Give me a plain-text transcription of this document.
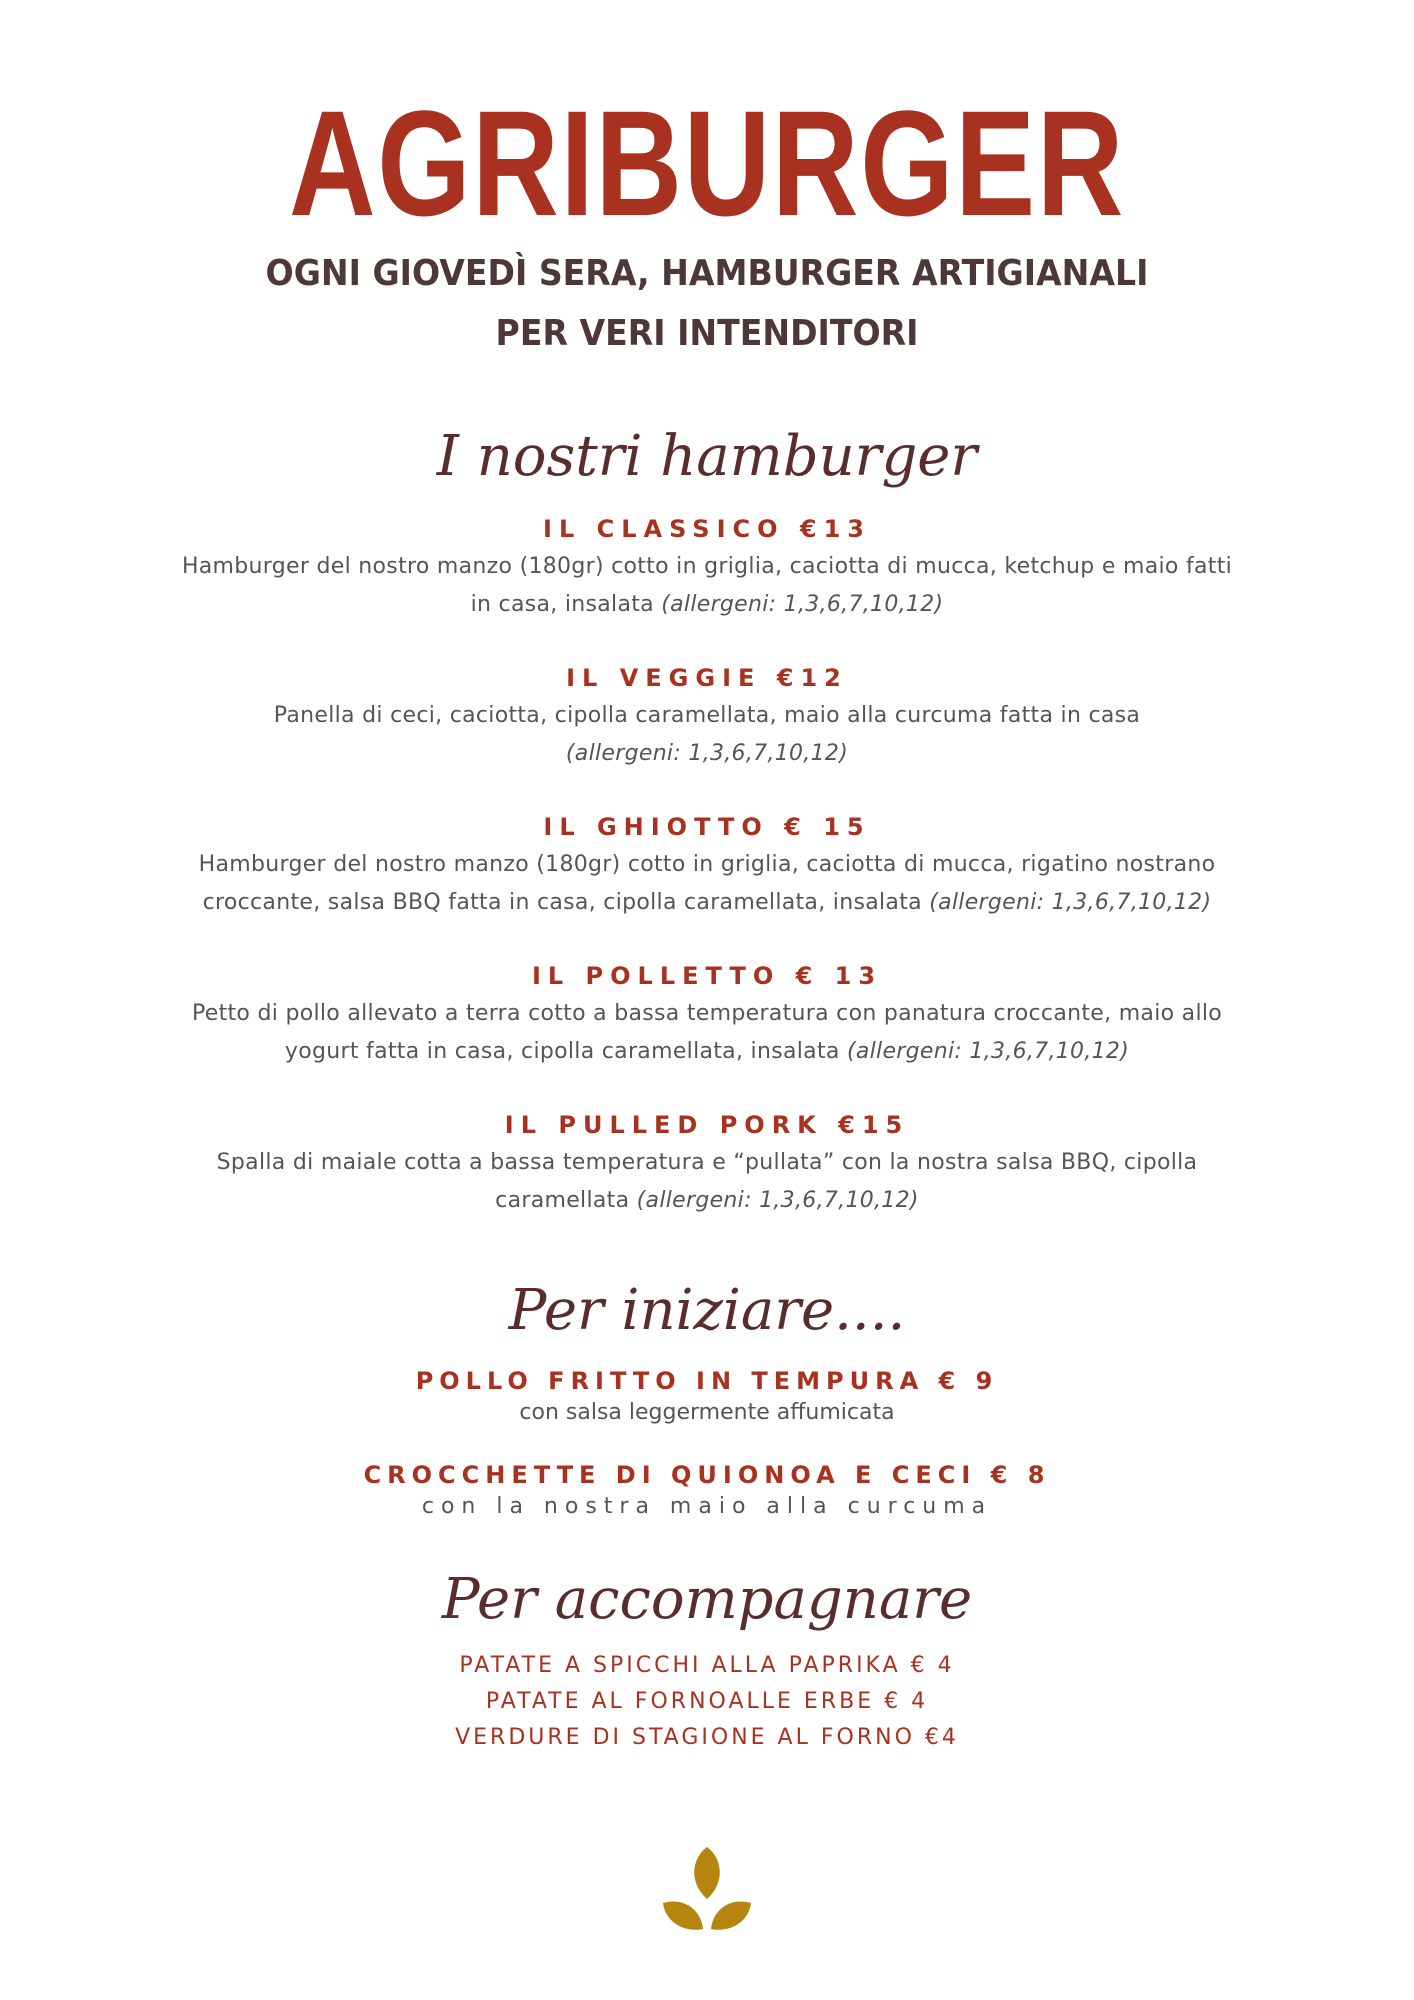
AGRIBURGER
OGNI GIOVEDÌ SERA, HAMBURGER ARTIGIANALI
PER VERI INTENDITORI
I nostri hamburger
IL CLASSICO €13
Hamburger del nostro manzo (180gr) cotto in griglia, caciotta di mucca, ketchup e maio fatti
in casa, insalata (allergeni: 1,3,6,7,10,12)
IL VEGGIE €12
Panella di ceci, caciotta, cipolla caramellata, maio alla curcuma fatta in casa
(allergeni: 1,3,6,7,10,12)
IL GHIOTTO € 15
Hamburger del nostro manzo (180gr) cotto in griglia, caciotta di mucca, rigatino nostrano
croccante, salsa BBQ fatta in casa, cipolla caramellata, insalata (allergeni: 1,3,6,7,10,12)
IL POLLETTO € 13
Petto di pollo allevato a terra cotto a bassa temperatura con panatura croccante, maio allo
yogurt fatta in casa, cipolla caramellata, insalata (allergeni: 1,3,6,7,10,12)
IL PULLED PORK €15
Spalla di maiale cotta a bassa temperatura e “pullata” con la nostra salsa BBQ, cipolla
caramellata (allergeni: 1,3,6,7,10,12)
Per iniziare....
POLLO FRITTO IN TEMPURA € 9
con salsa leggermente affumicata
CROCCHETTE DI QUIONOA E CECI € 8
con la nostra maio alla curcuma
Per accompagnare
PATATE A SPICCHI ALLA PAPRIKA € 4
PATATE AL FORNOALLE ERBE € 4
VERDURE DI STAGIONE AL FORNO €4
